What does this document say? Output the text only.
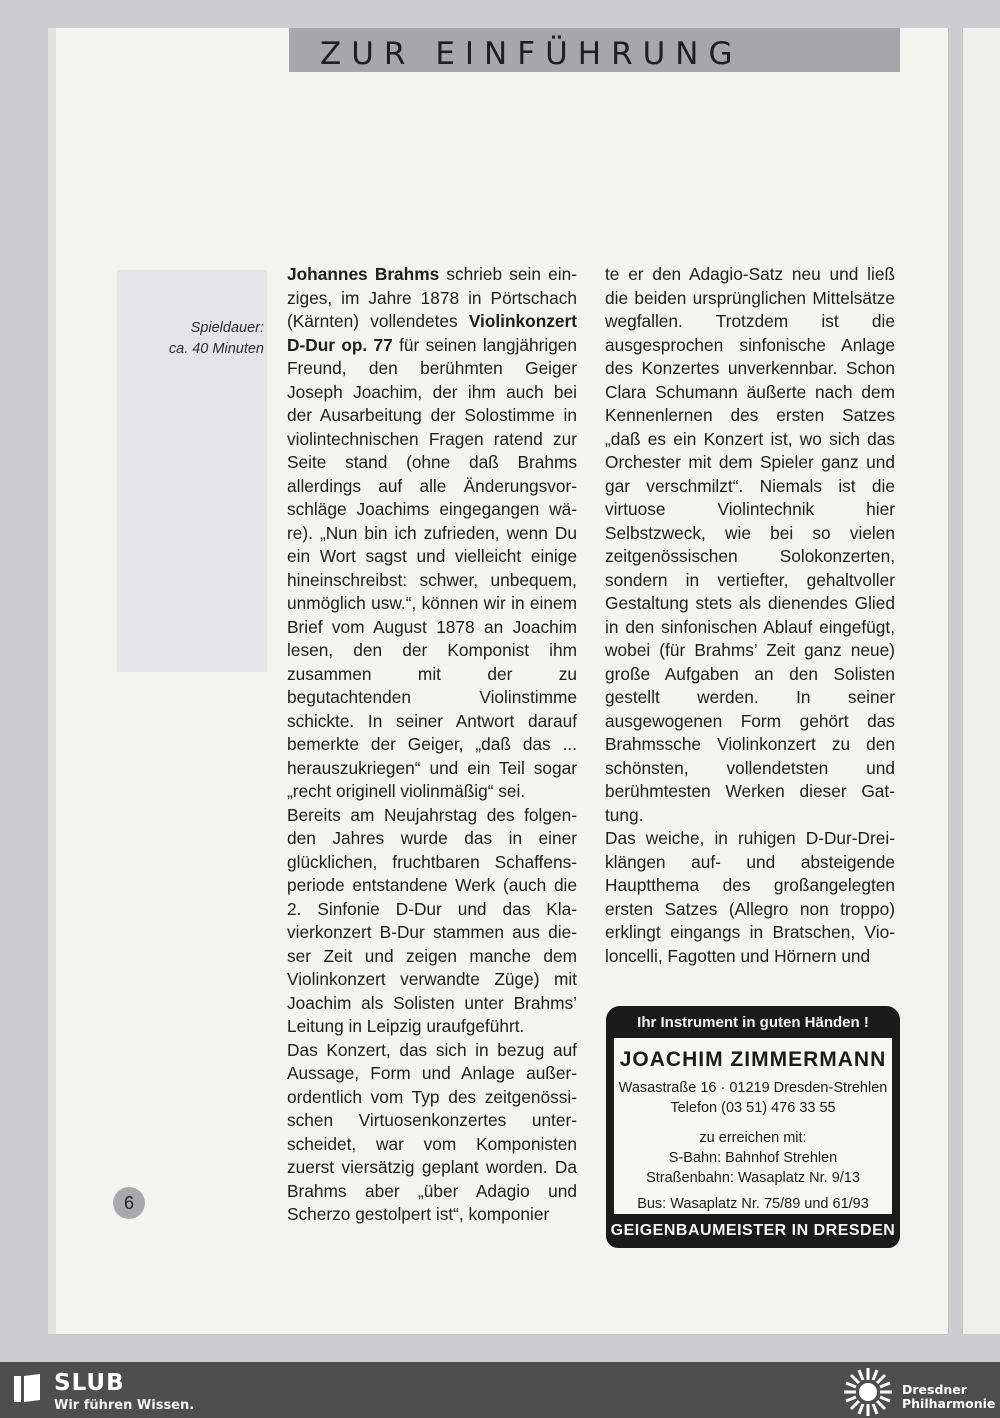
ZUR EINFÜHRUNG
Spieldauer:
ca. 40 Minuten

Johannes Brahms schrieb sein einziges, im Jahre 1878 in Pörtschach (Kärnten) vollendetes Violinkonzert D-Dur op. 77 für seinen langjährigen Freund, den berühmten Geiger Joseph Joachim, der ihm auch bei der Ausarbeitung der Solostimme in violintechnischen Fragen ratend zur Seite stand (ohne daß Brahms allerdings auf alle Änderungsvorschläge Joachims eingegangen wäre). „Nun bin ich zufrieden, wenn Du ein Wort sagst und vielleicht einige hineinschreibst: schwer, unbequem, unmöglich usw.“, können wir in einem Brief vom August 1878 an Joachim lesen, den der Komponist ihm zusammen mit der zu begutachtenden Violinstimme schickte. In seiner Antwort darauf bemerkte der Geiger, „daß das ... herauszukriegen“ und ein Teil sogar „recht originell violinmäßig“ sei.

Bereits am Neujahrstag des folgenden Jahres wurde das in einer glücklichen, fruchtbaren Schaffensperiode entstandene Werk (auch die 2. Sinfonie D-Dur und das Klavierkonzert B-Dur stammen aus dieser Zeit und zeigen manche dem Violinkonzert verwandte Züge) mit Joachim als Solisten unter Brahms’ Leitung in Leipzig uraufgeführt.

Das Konzert, das sich in bezug auf Aussage, Form und Anlage außerordentlich vom Typ des zeitgenössischen Virtuosenkonzertes unterscheidet, war vom Komponisten zuerst viersätzig geplant worden. Da Brahms aber „über Adagio und Scherzo gestolpert ist“, komponier

te er den Adagio-Satz neu und ließ die beiden ursprünglichen Mittelsätze wegfallen. Trotzdem ist die ausgesprochen sinfonische Anlage des Konzertes unverkennbar. Schon Clara Schumann äußerte nach dem Kennenlernen des ersten Satzes „daß es ein Konzert ist, wo sich das Orchester mit dem Spieler ganz und gar verschmilzt“. Niemals ist die virtuose Violintechnik hier Selbstzweck, wie bei so vielen zeitgenössischen Solokonzerten, sondern in vertiefter, gehaltvoller Gestaltung stets als dienendes Glied in den sinfonischen Ablauf eingefügt, wobei (für Brahms’ Zeit ganz neue) große Aufgaben an den Solisten gestellt werden. In seiner ausgewogenen Form gehört das Brahmssche Violinkonzert zu den schönsten, vollendetsten und berühmtesten Werken dieser Gattung.

Das weiche, in ruhigen D-Dur-Dreiklängen auf- und absteigende Hauptthema des großangelegten ersten Satzes (Allegro non troppo) erklingt eingangs in Bratschen, Violoncelli, Fagotten und Hörnern und

6
Ihr Instrument in guten Händen !
JOACHIM ZIMMERMANN
Wasastraße 16 · 01219 Dresden-Strehlen
Telefon (03 51) 476 33 55
zu erreichen mit:
S-Bahn: Bahnhof Strehlen
Straßenbahn: Wasaplatz Nr. 9/13
Bus: Wasaplatz Nr. 75/89 und 61/93
GEIGENBAUMEISTER IN DRESDEN
SLUB
Wir führen Wissen.
Dresdner
Philharmonie
